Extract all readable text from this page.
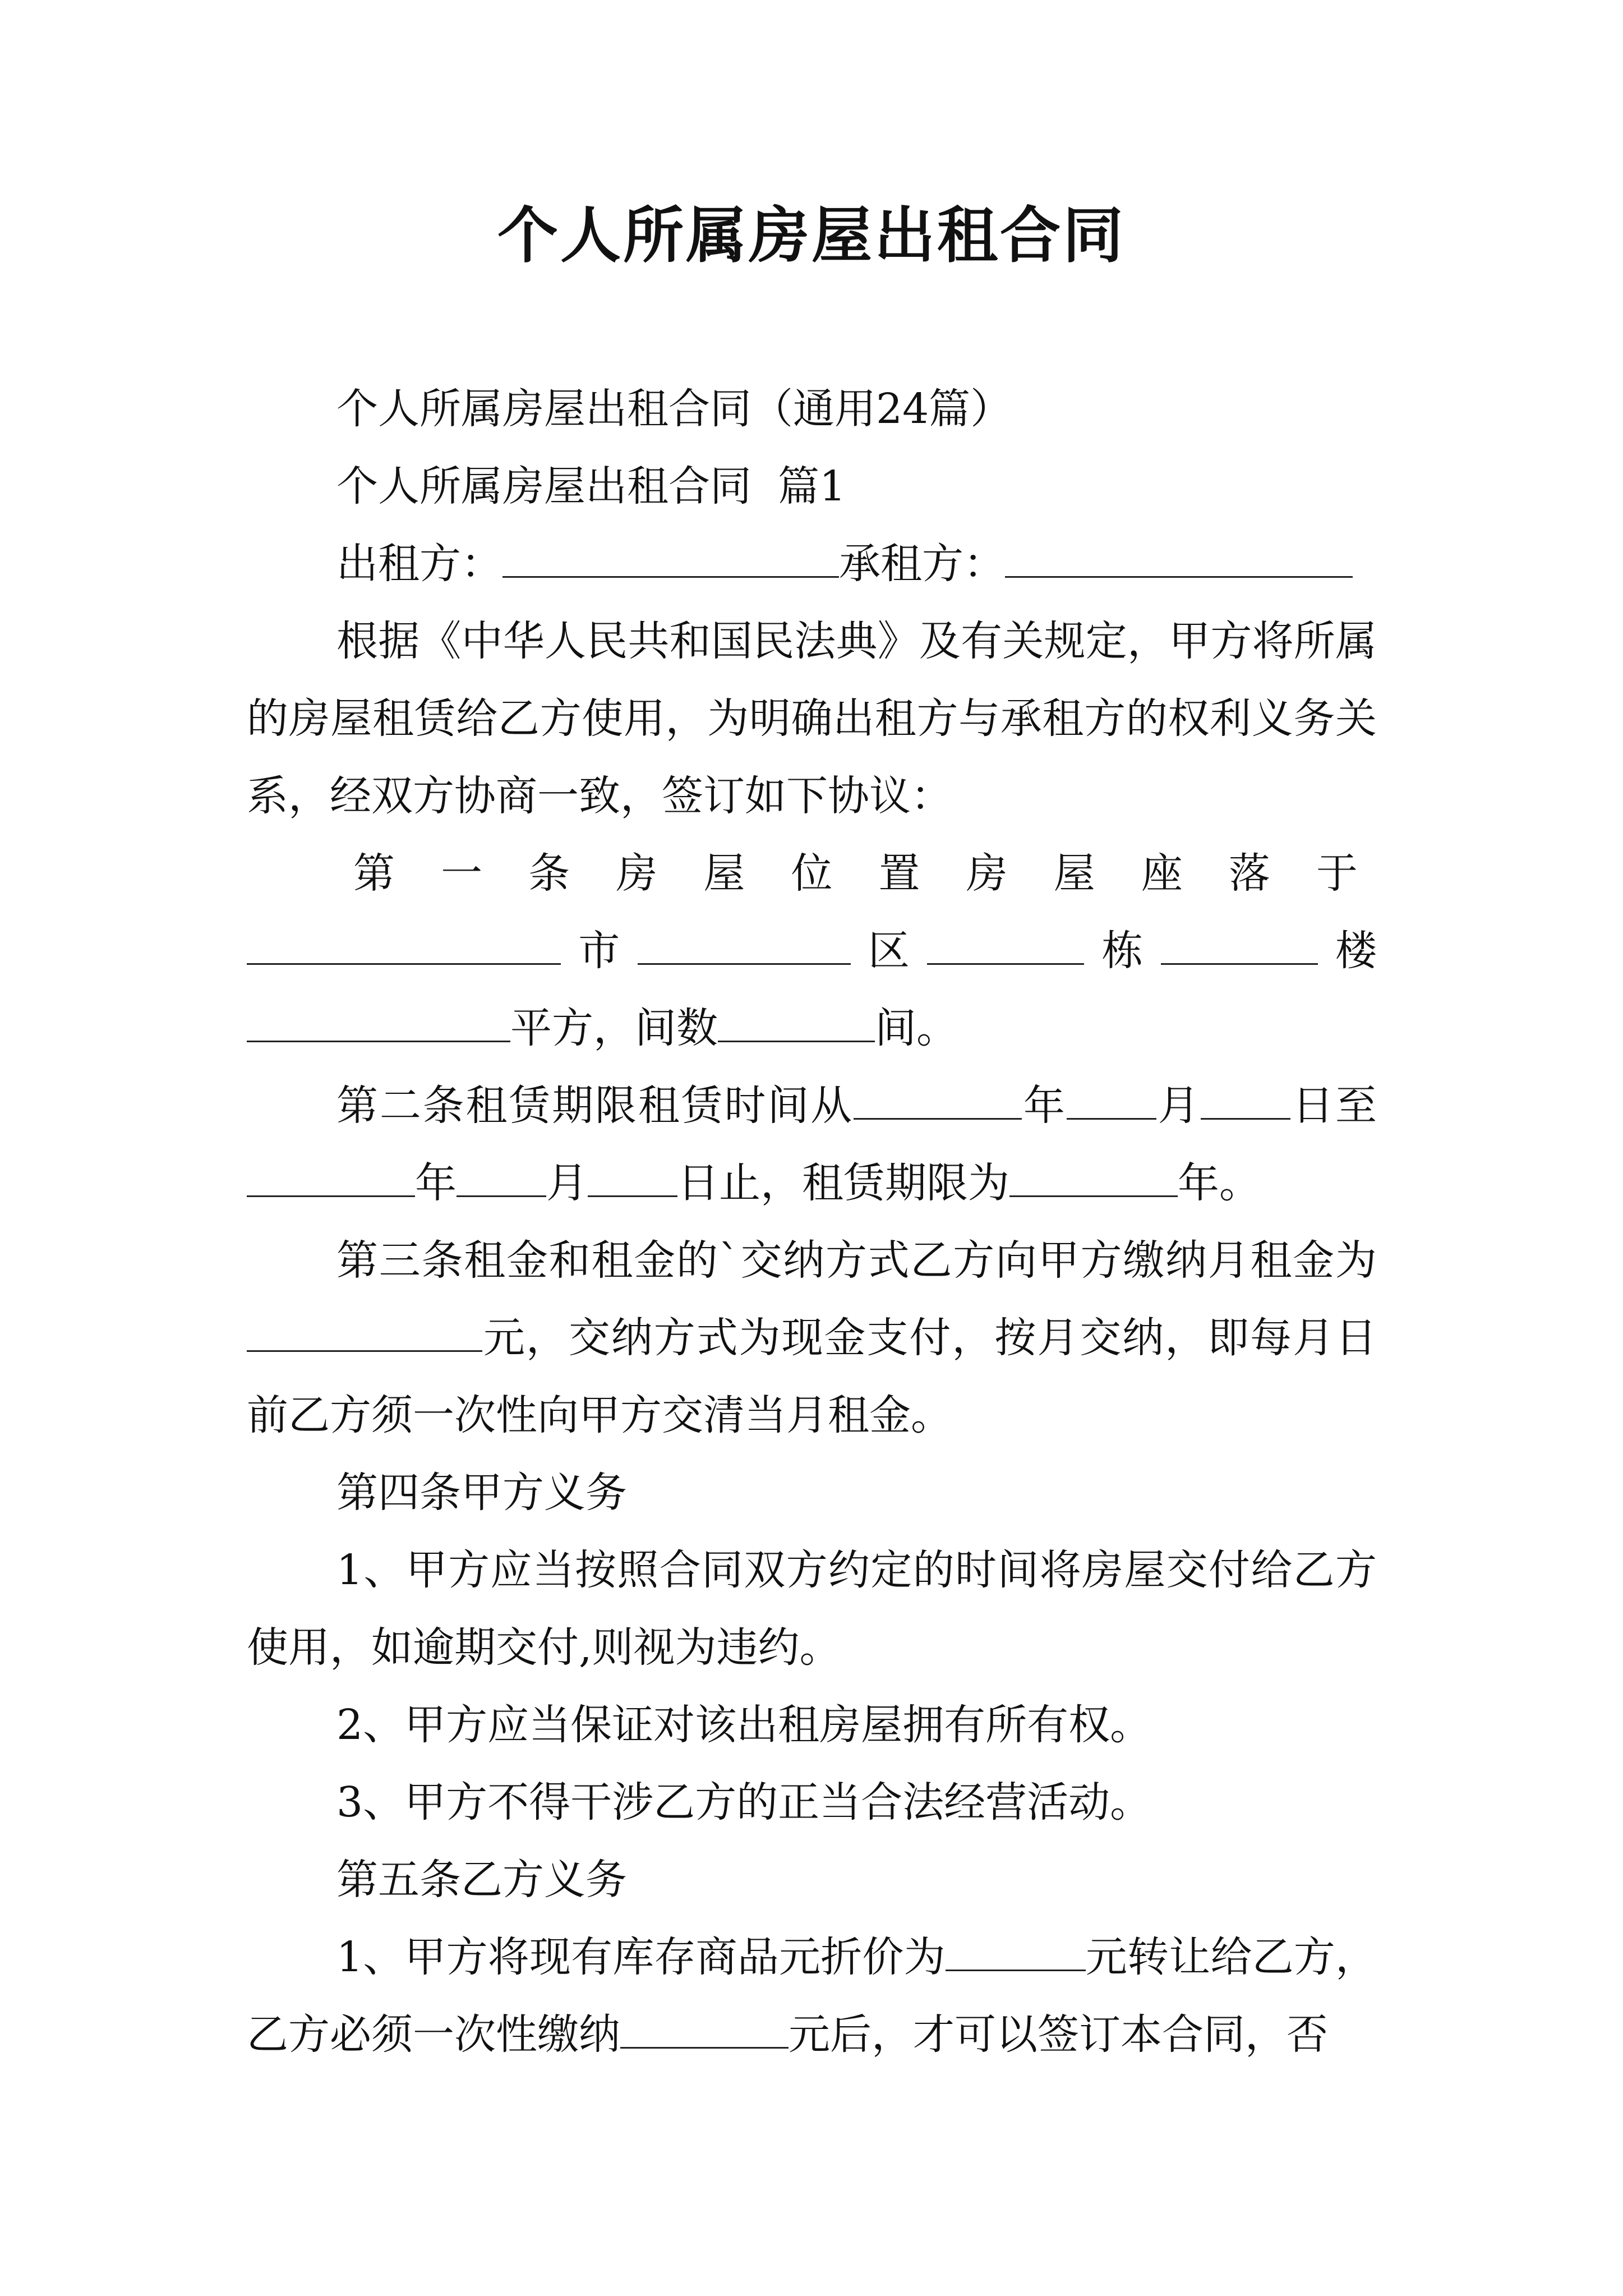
个人所属房屋出租合同

个人所属房屋出租合同（通用24篇）

个人所属房屋出租合同  篇1

出租方：	承租方：

根据《中华人民共和国民法典》及有关规定，甲方将所属的房屋租赁给乙方使用，为明确出租方与承租方的权利义务关系，经双方协商一致，签订如下协议：

第一条房屋位置房屋座落于市	区	栋	楼平方，间数	间。

第二条租赁期限租赁时间从	年 月 日至年 月 日止，租赁期限为	年。

第三条租金和租金的`交纳方式乙方向甲方缴纳月租金为元，交纳方式为现金支付，按月交纳，即每月日前乙方须一次性向甲方交清当月租金。

第四条甲方义务

1、甲方应当按照合同双方约定的时间将房屋交付给乙方使用，如逾期交付,则视为违约。

2、甲方应当保证对该出租房屋拥有所有权。

3、甲方不得干涉乙方的正当合法经营活动。

第五条乙方义务

1、甲方将现有库存商品元折价为	元转让给乙方，乙方必须一次性缴纳	元后，才可以签订本合同，否
